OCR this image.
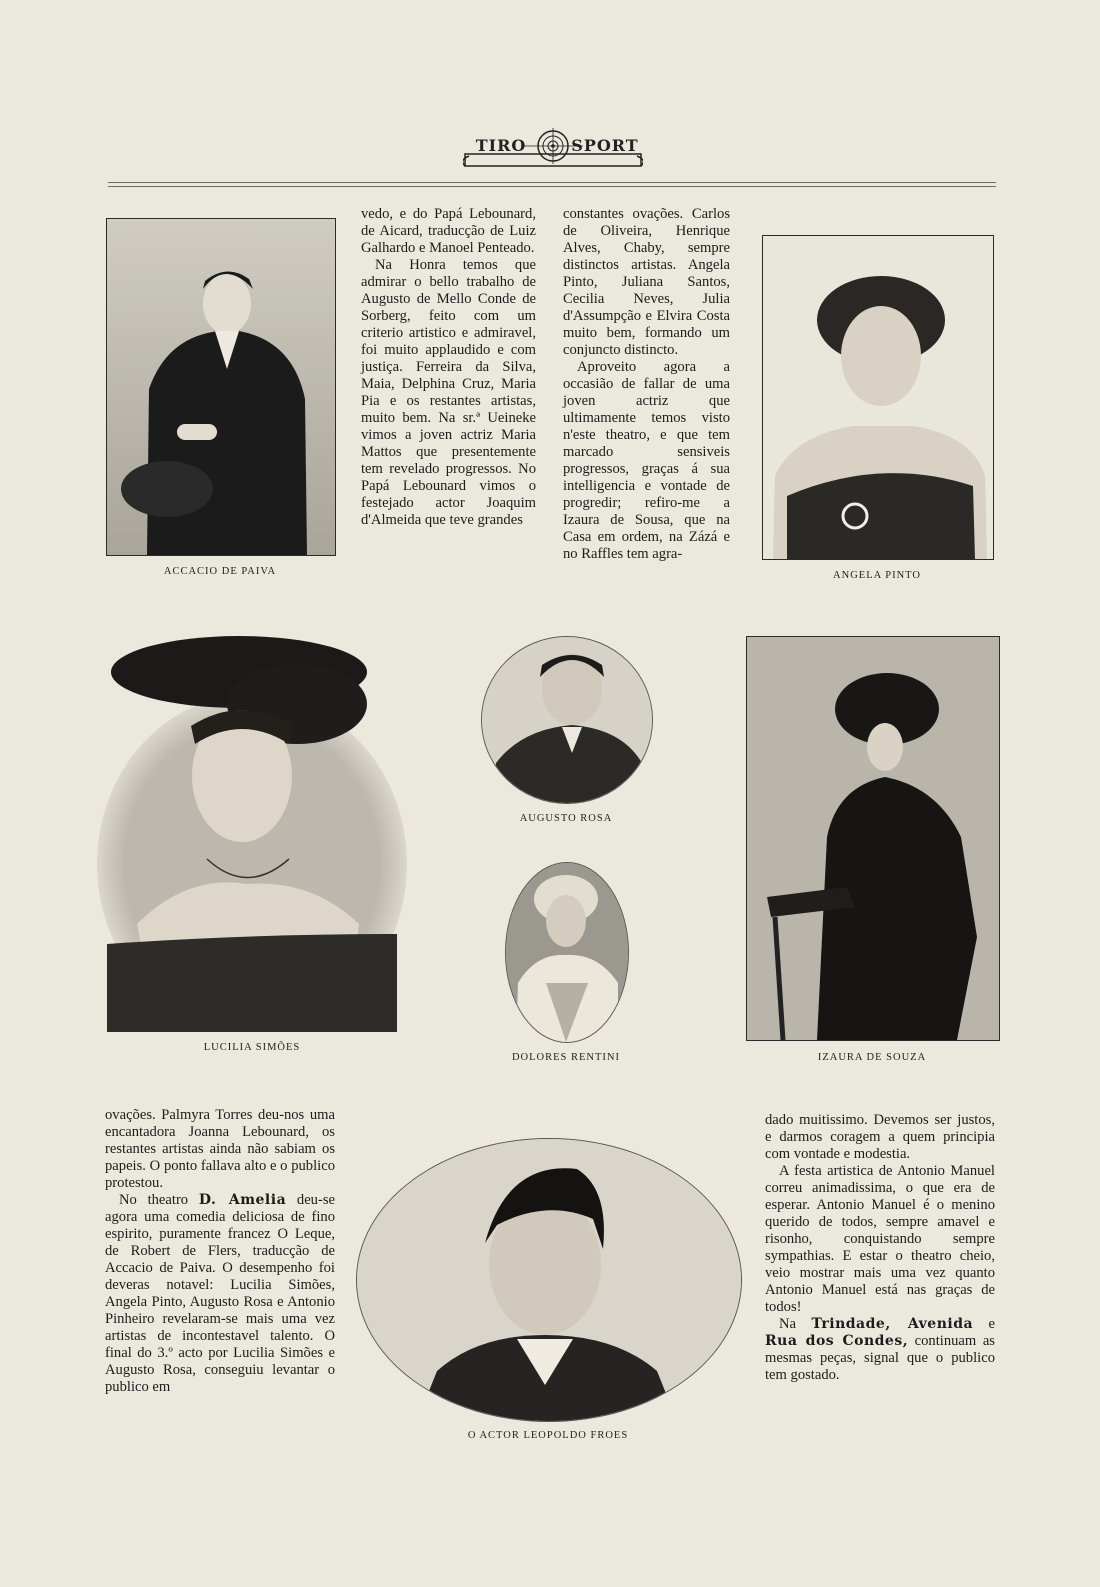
TIRO	SPORT
ACCACIO DE PAIVA

vedo, e do Papá Lebounard, de Aicard, traducção de Luiz Galhardo e Manoel Penteado.

Na Honra temos que admirar o bello trabalho de Augusto de Mello Conde de Sorberg, feito com um criterio artistico e admiravel, foi muito applaudido e com justiça. Ferreira da Silva, Maia, Delphina Cruz, Maria Pia e os restantes artistas, muito bem. Na sr.ª Ueineke vimos a joven actriz Maria Mattos que presentemente tem revelado progressos. No Papá Lebounard vimos o festejado actor Joaquim d'Almeida que teve grandes

constantes ovações. Carlos de Oliveira, Henrique Alves, Chaby, sempre distinctos artistas. Angela Pinto, Juliana Santos, Cecilia Neves, Julia d'Assumpção e Elvira Costa muito bem, formando um conjuncto distincto.

Aproveito agora a occasião de fallar de uma joven actriz que ultimamente temos visto n'este theatro, e que tem marcado sensiveis progressos, graças á sua intelligencia e vontade de progredir; refiro-me a Izaura de Sousa, que na Casa em ordem, na Zázá e no Raffles tem agra-

ANGELA PINTO
LUCILIA SIMÕES
AUGUSTO ROSA
DOLORES RENTINI	IZAURA DE SOUZA

ovações. Palmyra Torres deu-nos uma encantadora Joanna Lebounard, os restantes artistas ainda não sabiam os papeis. O ponto fallava alto e o publico protestou.

No theatro D. Amelia deu-se agora uma comedia deliciosa de fino espirito, puramente francez O Leque, de Robert de Flers, traducção de Accacio de Paiva. O desempenho foi deveras notavel: Lucilia Simões, Angela Pinto, Augusto Rosa e Antonio Pinheiro revelaram-se mais uma vez artistas de incontestavel talento. O final do 3.º acto por Lucilia Simões e Augusto Rosa, conseguiu levantar o publico em

O ACTOR LEOPOLDO FROES

dado muitissimo. Devemos ser justos, e darmos coragem a quem principia com vontade e modestia.

A festa artistica de Antonio Manuel correu animadissima, o que era de esperar. Antonio Manuel é o menino querido de todos, sempre amavel e risonho, conquistando sempre sympathias. E estar o theatro cheio, veio mostrar mais uma vez quanto Antonio Manuel está nas graças de todos!

Na Trindade, Avenida e Rua dos Condes, continuam as mesmas peças, signal que o publico tem gostado.
